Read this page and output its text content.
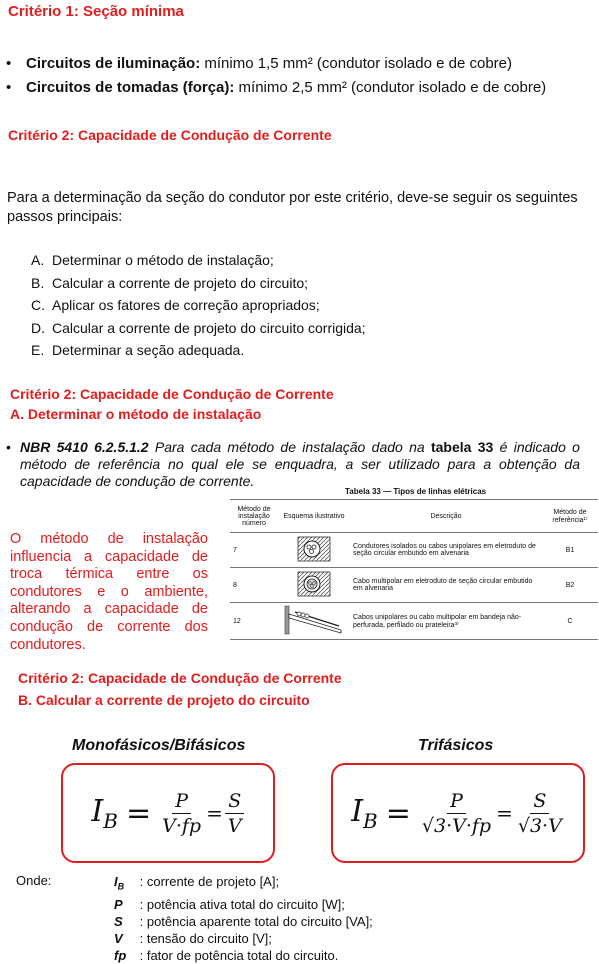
Critério 1: Seção mínima
• Circuitos de iluminação: mínimo 1,5 mm² (condutor isolado e de cobre)
• Circuitos de tomadas (força): mínimo 2,5 mm² (condutor isolado e de cobre)
Critério 2: Capacidade de Condução de Corrente
Para a determinação da seção do condutor por este critério, deve-se seguir os seguintes passos principais:
A. Determinar o método de instalação;
B. Calcular a corrente de projeto do circuito;
C. Aplicar os fatores de correção apropriados;
D. Calcular a corrente de projeto do circuito corrigida;
E. Determinar a seção adequada.
Critério 2: Capacidade de Condução de Corrente
A. Determinar o método de instalação
• NBR 5410 6.2.5.1.2 Para cada método de instalação dado na tabela 33 é indicado o método de referência no qual ele se enquadra, a ser utilizado para a obtenção da capacidade de condução de corrente.
O método de instalação influencia a capacidade de troca térmica entre os condutores e o ambiente, alterando a capacidade de condução de corrente dos condutores.
Tabela 33 — Tipos de linhas elétricas
Método de instalação número	Esquema ilustrativo	Descrição	Método de referência¹⁾
7		Condutores isolados ou cabos unipolares em eletroduto de seção circular embutido em alvenaria	B1
8		Cabo multipolar em eletroduto de seção circular embutido em alvenaria	B2
12		Cabos unipolares ou cabo multipolar em bandeja não-perfurada, perfilado ou prateleira³⁾	C
Critério 2: Capacidade de Condução de Corrente
B. Calcular a corrente de projeto do circuito
Monofásicos/Bifásicos	Trifásicos
$I_B = \frac{P}{V\cdot fp} = \frac{S}{V}$	$I_B = \frac{P}{√3\cdot V\cdot fp} = \frac{S}{√3\cdot V}$
Onde:	$I_B$ : corrente de projeto [A];
P : potência ativa total do circuito [W];
S : potência aparente total do circuito [VA];
V : tensão do circuito [V];
fp : fator de potência total do circuito.
